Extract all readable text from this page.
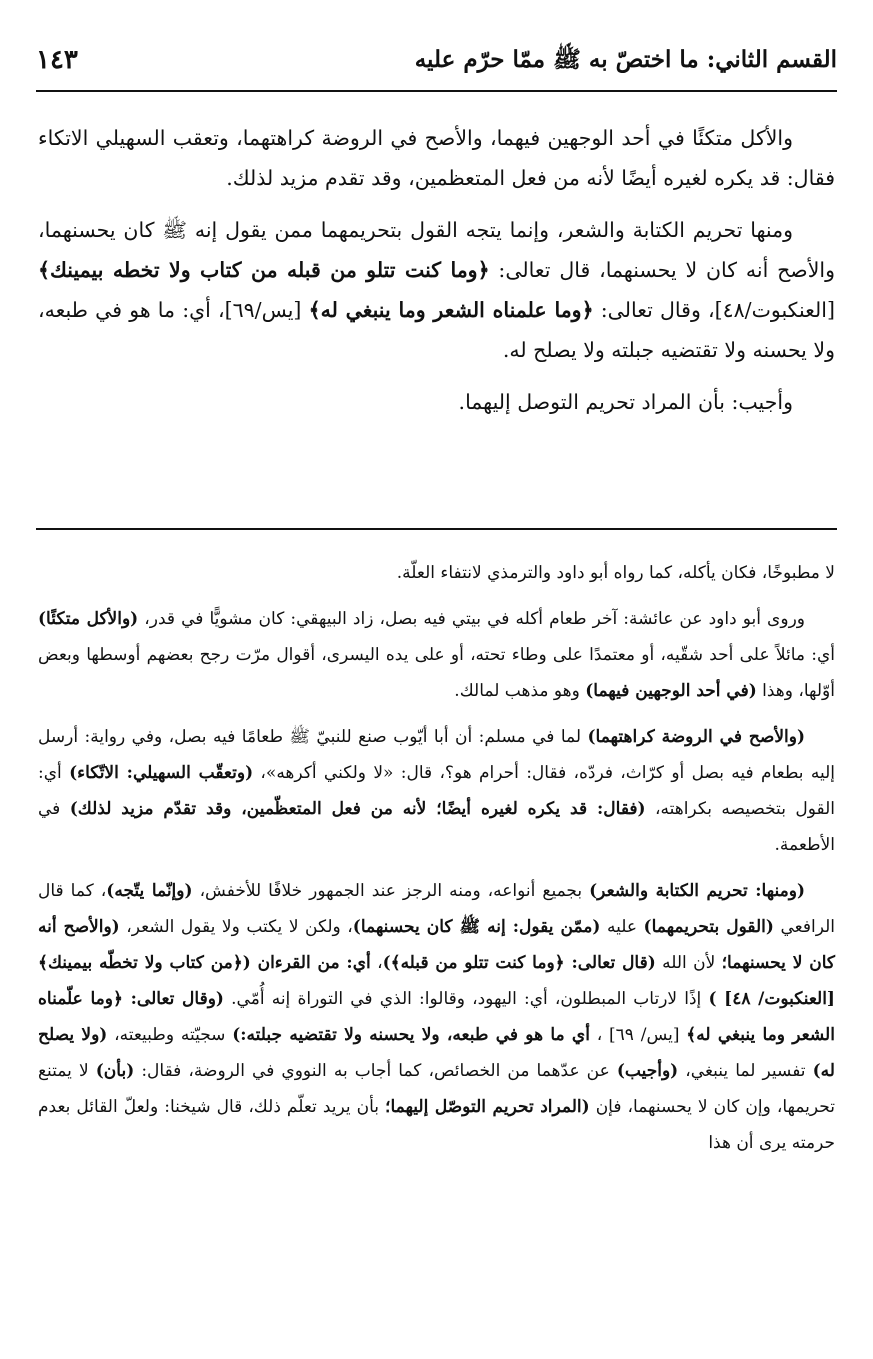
القسم الثاني: ما اختصّ به ﷺ ممّا حرّم عليه
١٤٣

والأكل متكئًا في أحد الوجهين فيهما، والأصح في الروضة كراهتهما، وتعقب السهيلي الاتكاء فقال: قد يكره لغيره أيضًا لأنه من فعل المتعظمين، وقد تقدم مزيد لذلك.

ومنها تحريم الكتابة والشعر، وإنما يتجه القول بتحريمهما ممن يقول إنه ﷺ كان يحسنهما، والأصح أنه كان لا يحسنهما، قال تعالى: ﴿وما كنت تتلو من قبله من كتاب ولا تخطه بيمينك﴾ [العنكبوت/٤٨]، وقال تعالى: ﴿وما علمناه الشعر وما ينبغي له﴾ [يس/٦٩]، أي: ما هو في طبعه، ولا يحسنه ولا تقتضيه جبلته ولا يصلح له.

وأجيب: بأن المراد تحريم التوصل إليهما.

لا مطبوخًا، فكان يأكله، كما رواه أبو داود والترمذي لانتفاء العلّة.

وروى أبو داود عن عائشة: آخر طعام أكله في بيتي فيه بصل، زاد البيهقي: كان مشويًّا في قدر، (والأكل متكئًا) أي: مائلاً على أحد شقّيه، أو معتمدًا على وطاء تحته، أو على يده اليسرى، أقوال مرّت رجح بعضهم أوسطها وبعض أوّلها، وهذا (في أحد الوجهين فيهما) وهو مذهب لمالك.

(والأصح في الروضة كراهتهما) لما في مسلم: أن أبا أيّوب صنع للنبيّ ﷺ طعامًا فيه بصل، وفي رواية: أرسل إليه بطعام فيه بصل أو كرّاث، فردّه، فقال: أحرام هو؟، قال: «لا ولكني أكرهه»، (وتعقّب السهيلي: الاتّكاء) أي: القول بتخصيصه بكراهته، (فقال: قد يكره لغيره أيضًا؛ لأنه من فعل المتعظّمين، وقد تقدّم مزيد لذلك) في الأطعمة.

(ومنها: تحريم الكتابة والشعر) بجميع أنواعه، ومنه الرجز عند الجمهور خلافًا للأخفش، (وإنّما يتّجه)، كما قال الرافعي (القول بتحريمهما) عليه (ممّن يقول: إنه ﷺ كان يحسنهما)، ولكن لا يكتب ولا يقول الشعر، (والأصح أنه كان لا يحسنهما؛ لأن الله (قال تعالى: ﴿وما كنت تتلو من قبله﴾)، أي: من القرءان (﴿من كتاب ولا تخطّه بيمينك﴾ [العنكبوت/ ٤٨] ) إذًا لارتاب المبطلون، أي: اليهود، وقالوا: الذي في التوراة إنه أُمّي. (وقال تعالى: ﴿وما علّمناه الشعر وما ينبغي له﴾ [يس/ ٦٩] ، أي ما هو في طبعه، ولا يحسنه ولا تقتضيه جبلته:) سجيّته وطبيعته، (ولا يصلح له) تفسير لما ينبغي، (وأجيب) عن عدّهما من الخصائص، كما أجاب به النووي في الروضة، فقال: (بأن) لا يمتنع تحريمها، وإن كان لا يحسنهما، فإن (المراد تحريم التوصّل إليهما؛ بأن يريد تعلّم ذلك، قال شيخنا: ولعلّ القائل بعدم حرمته يرى أن هذا
